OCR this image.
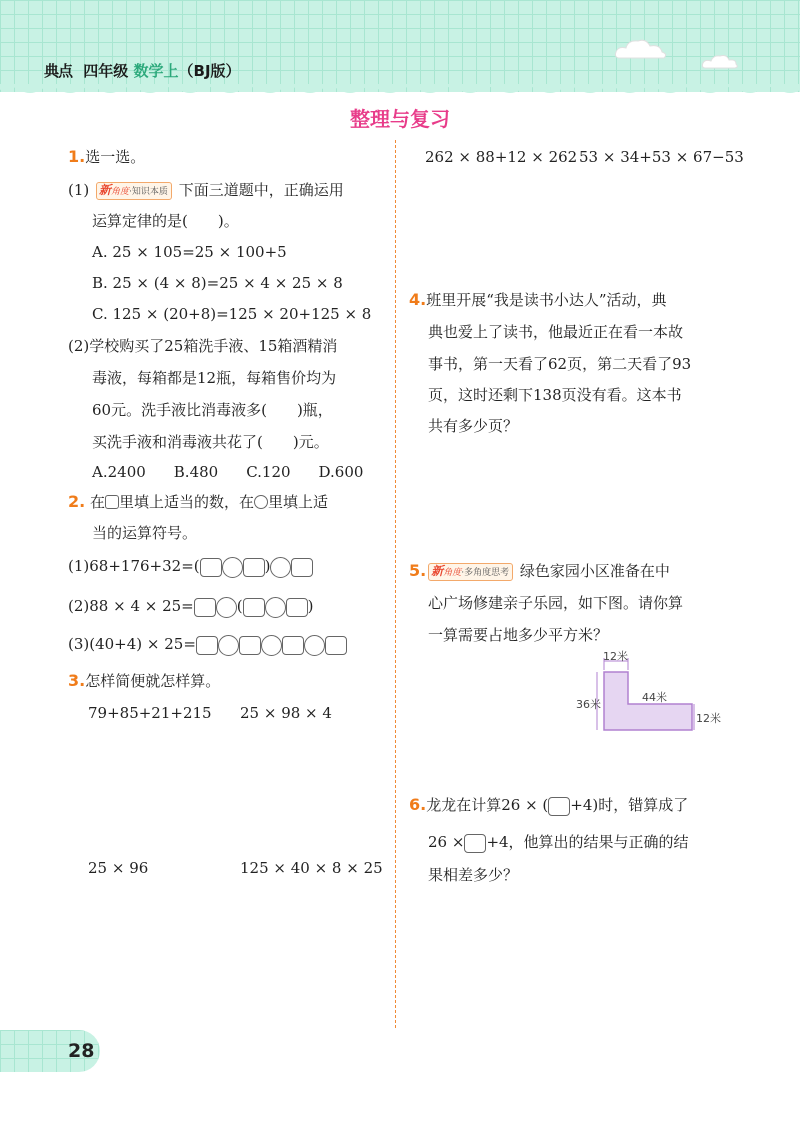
典点 四年级 数学上（BJ版）
整理与复习
1.选一选。
(1) 新角度·知识本质 下面三道题中，正确运用
运算定律的是(　　)。
A. 25 × 105=25 × 100+5
B. 25 × (4 × 8)=25 × 4 × 25 × 8
C. 125 × (20+8)=125 × 20+125 × 8
(2)学校购买了25箱洗手液、15箱酒精消
毒液，每箱都是12瓶，每箱售价均为
60元。洗手液比消毒液多(　　)瓶，
买洗手液和消毒液共花了(　　)元。
A.2400 B.480 C.120 D.600
2. 在 里填上适当的数，在 里填上适
当的运算符号。
(1)68+176+32=(	)
(2)88 × 4 × 25=	(	)
(3)(40+4) × 25=
3.怎样简便就怎样算。
79+85+21+215 25 × 98 × 4
25 × 96	125 × 40 × 8 × 25
262 × 88+12 × 262 53 × 34+53 × 67−53
4.班里开展“我是读书小达人”活动，典
典也爱上了读书，他最近正在看一本故
事书，第一天看了62页，第二天看了93
页，这时还剩下138页没有看。这本书
共有多少页？
5. 新角度·多角度思考 绿色家园小区准备在中
心广场修建亲子乐园，如下图。请你算
一算需要占地多少平方米？
12米
36米
44米
12米
6.龙龙在计算26 × ( +4)时，错算成了
26 × +4，他算出的结果与正确的结
果相差多少？
28
